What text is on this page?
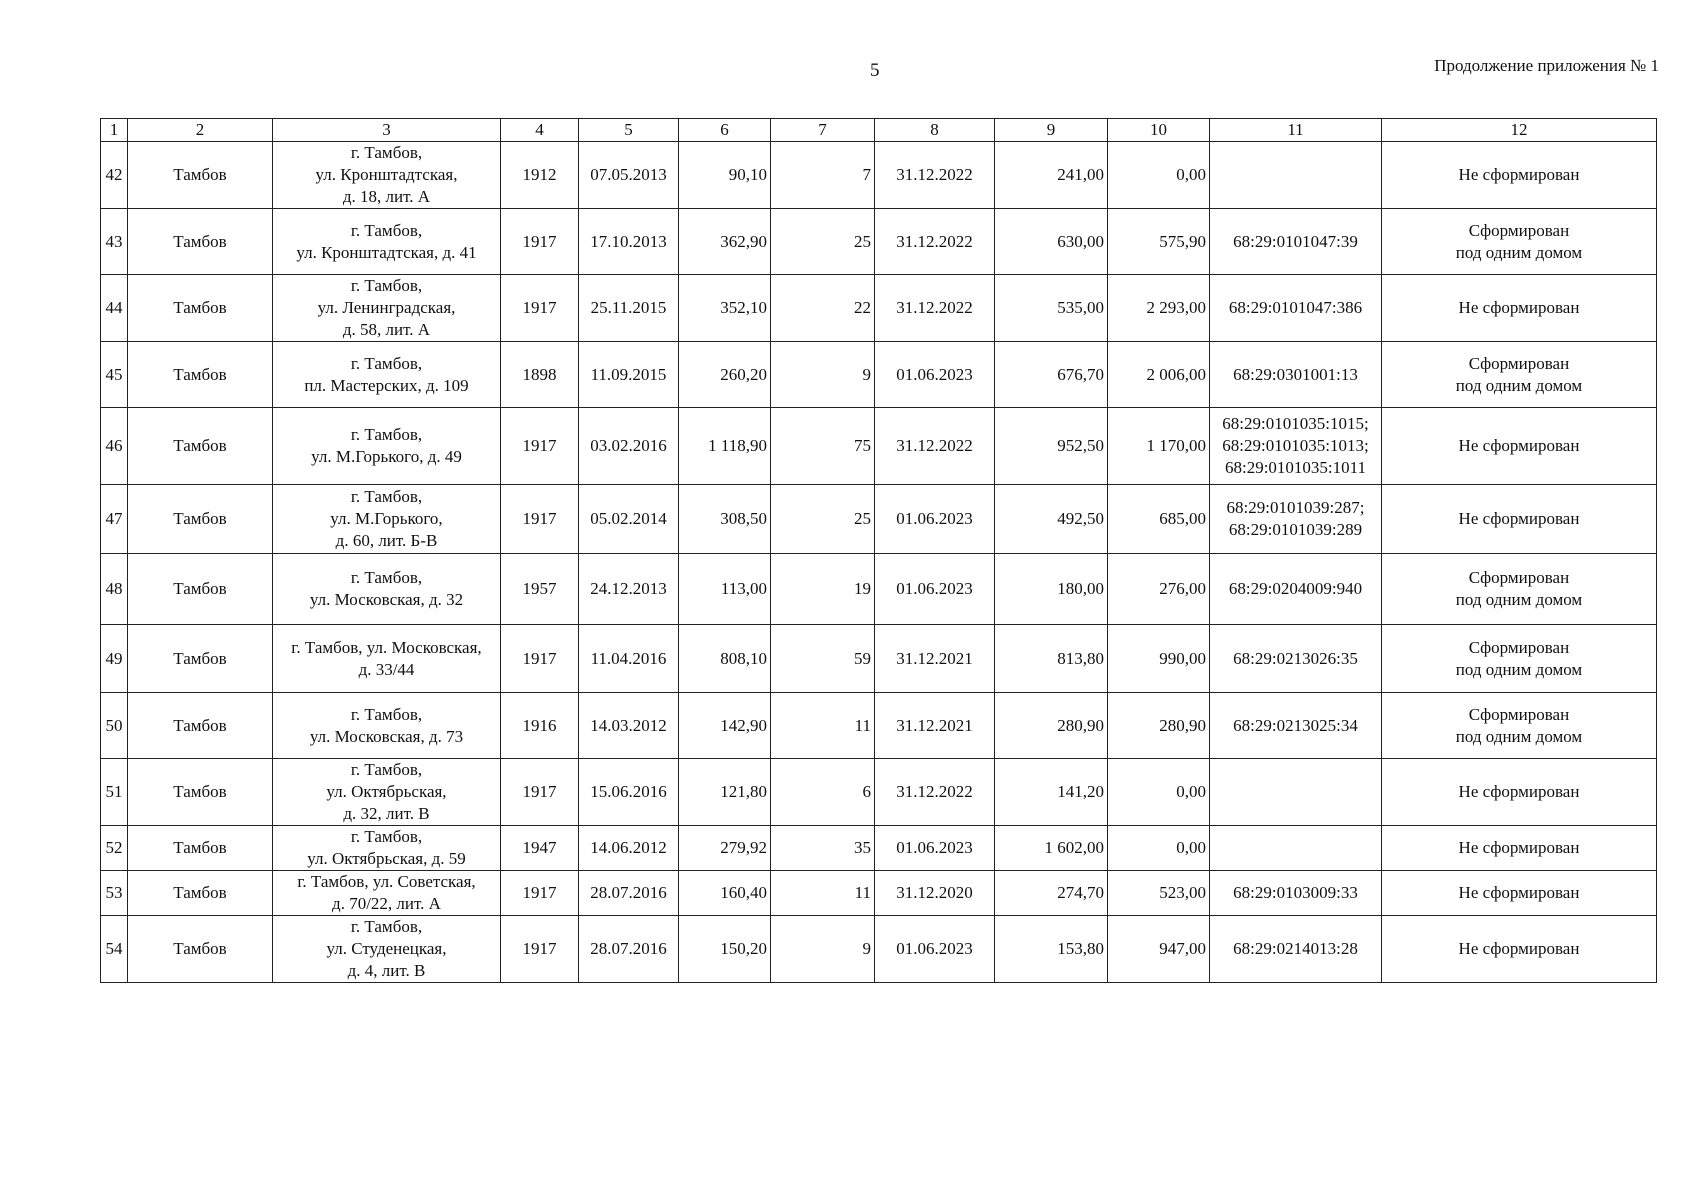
5	Продолжение приложения № 1
1	2	3	4	5	6	7	8	9	10	11	12
42	Тамбов	г. Тамбов,
ул. Кронштадтская,
д. 18, лит. А	1912	07.05.2013	90,10	7	31.12.2022	241,00	0,00		Не сформирован
43	Тамбов	г. Тамбов,
ул. Кронштадтская, д. 41	1917	17.10.2013	362,90	25	31.12.2022	630,00	575,90	68:29:0101047:39	Сформирован
под одним домом
44	Тамбов	г. Тамбов,
ул. Ленинградская,
д. 58, лит. А	1917	25.11.2015	352,10	22	31.12.2022	535,00	2 293,00	68:29:0101047:386	Не сформирован
45	Тамбов	г. Тамбов,
пл. Мастерских, д. 109	1898	11.09.2015	260,20	9	01.06.2023	676,70	2 006,00	68:29:0301001:13	Сформирован
под одним домом
46	Тамбов	г. Тамбов,
ул. М.Горького, д. 49	1917	03.02.2016	1 118,90	75	31.12.2022	952,50	1 170,00	68:29:0101035:1015;
68:29:0101035:1013;
68:29:0101035:1011	Не сформирован
47	Тамбов	г. Тамбов,
ул. М.Горького,
д. 60, лит. Б-В	1917	05.02.2014	308,50	25	01.06.2023	492,50	685,00	68:29:0101039:287;
68:29:0101039:289	Не сформирован
48	Тамбов	г. Тамбов,
ул. Московская, д. 32	1957	24.12.2013	113,00	19	01.06.2023	180,00	276,00	68:29:0204009:940	Сформирован
под одним домом
49	Тамбов	г. Тамбов, ул. Московская,
д. 33/44	1917	11.04.2016	808,10	59	31.12.2021	813,80	990,00	68:29:0213026:35	Сформирован
под одним домом
50	Тамбов	г. Тамбов,
ул. Московская, д. 73	1916	14.03.2012	142,90	11	31.12.2021	280,90	280,90	68:29:0213025:34	Сформирован
под одним домом
51	Тамбов	г. Тамбов,
ул. Октябрьская,
д. 32, лит. В	1917	15.06.2016	121,80	6	31.12.2022	141,20	0,00		Не сформирован
52	Тамбов	г. Тамбов,
ул. Октябрьская, д. 59	1947	14.06.2012	279,92	35	01.06.2023	1 602,00	0,00		Не сформирован
53	Тамбов	г. Тамбов, ул. Советская,
д. 70/22, лит. А	1917	28.07.2016	160,40	11	31.12.2020	274,70	523,00	68:29:0103009:33	Не сформирован
54	Тамбов	г. Тамбов,
ул. Студенецкая,
д. 4, лит. В	1917	28.07.2016	150,20	9	01.06.2023	153,80	947,00	68:29:0214013:28	Не сформирован
